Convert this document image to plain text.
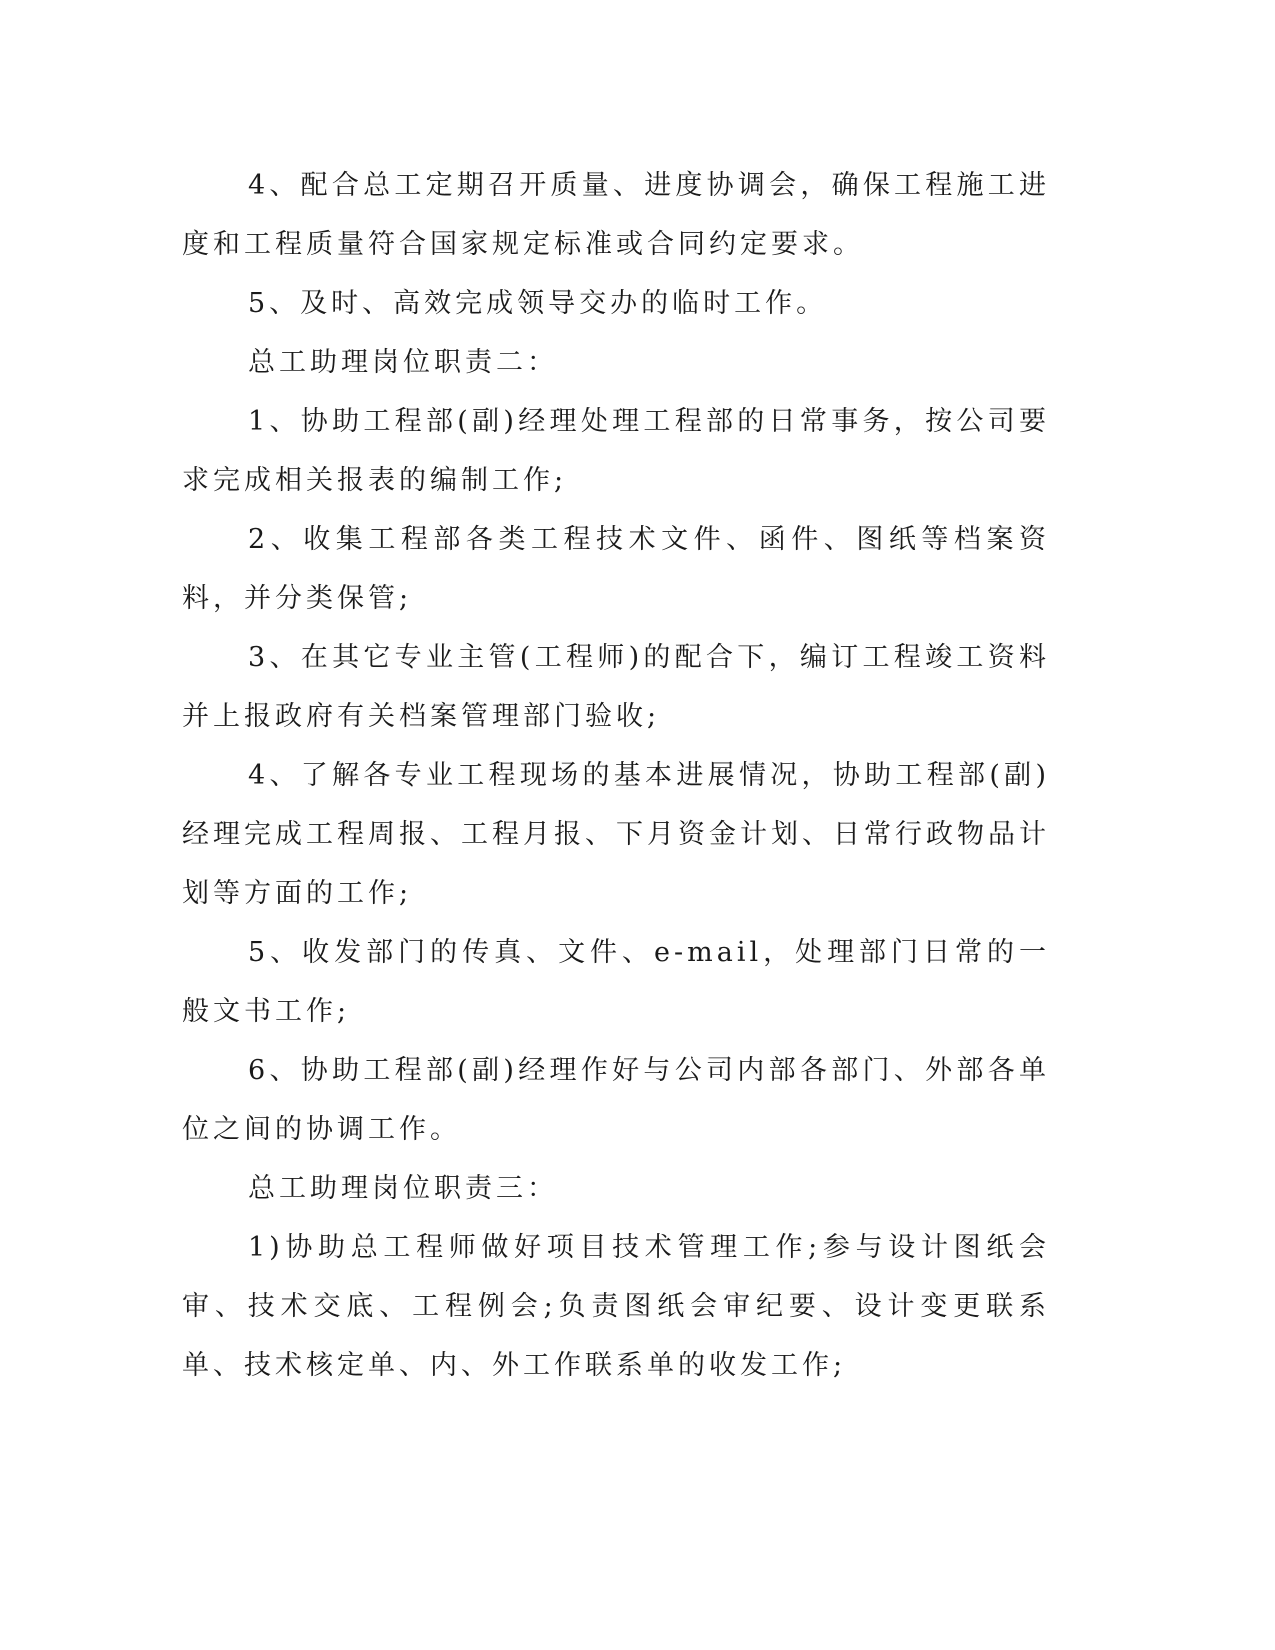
4、配合总工定期召开质量、进度协调会，确保工程施工进度和工程质量符合国家规定标准或合同约定要求。

5、及时、高效完成领导交办的临时工作。

总工助理岗位职责二：

1、协助工程部(副)经理处理工程部的日常事务，按公司要求完成相关报表的编制工作;

2、收集工程部各类工程技术文件、函件、图纸等档案资料，并分类保管;

3、在其它专业主管(工程师)的配合下，编订工程竣工资料并上报政府有关档案管理部门验收;

4、了解各专业工程现场的基本进展情况，协助工程部(副)经理完成工程周报、工程月报、下月资金计划、日常行政物品计划等方面的工作;

5、收发部门的传真、文件、e-mail，处理部门日常的一般文书工作;

6、协助工程部(副)经理作好与公司内部各部门、外部各单位之间的协调工作。

总工助理岗位职责三：

1)协助总工程师做好项目技术管理工作;参与设计图纸会审、技术交底、工程例会;负责图纸会审纪要、设计变更联系单、技术核定单、内、外工作联系单的收发工作;
